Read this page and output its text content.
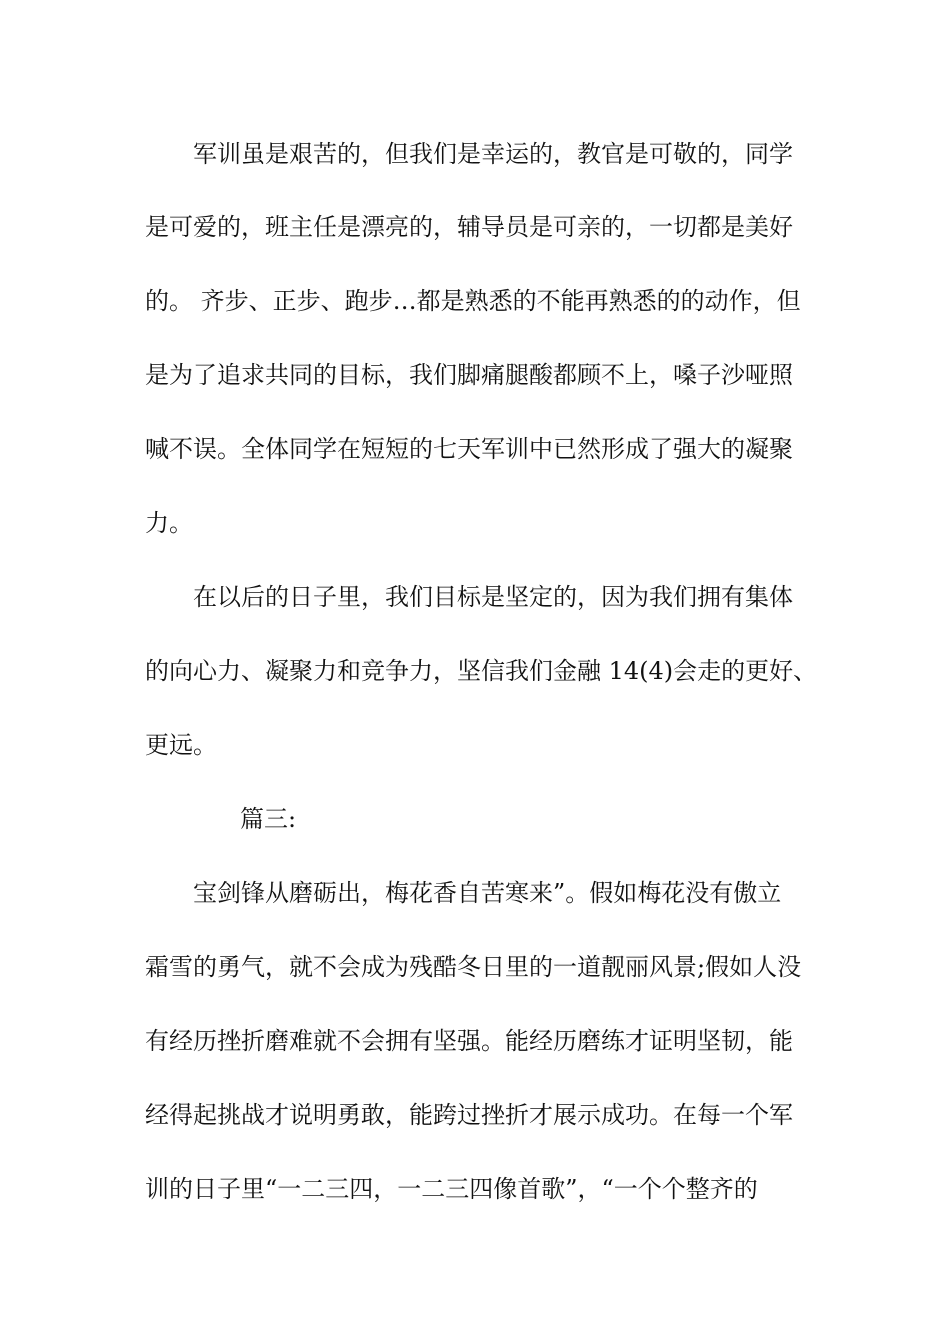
军训虽是艰苦的，但我们是幸运的，教官是可敬的，同学

是可爱的，班主任是漂亮的，辅导员是可亲的，一切都是美好

的。 齐步、正步、跑步…都是熟悉的不能再熟悉的的动作，但

是为了追求共同的目标，我们脚痛腿酸都顾不上，嗓子沙哑照

喊不误。全体同学在短短的七天军训中已然形成了强大的凝聚

力。

在以后的日子里，我们目标是坚定的，因为我们拥有集体

的向心力、凝聚力和竞争力，坚信我们金融 14(4)会走的更好、

更远。

篇三:

宝剑锋从磨砺出，梅花香自苦寒来”。假如梅花没有傲立

霜雪的勇气，就不会成为残酷冬日里的一道靓丽风景;假如人没

有经历挫折磨难就不会拥有坚强。能经历磨练才证明坚韧，能

经得起挑战才说明勇敢，能跨过挫折才展示成功。在每一个军

训的日子里“一二三四，一二三四像首歌”，“一个个整齐的
